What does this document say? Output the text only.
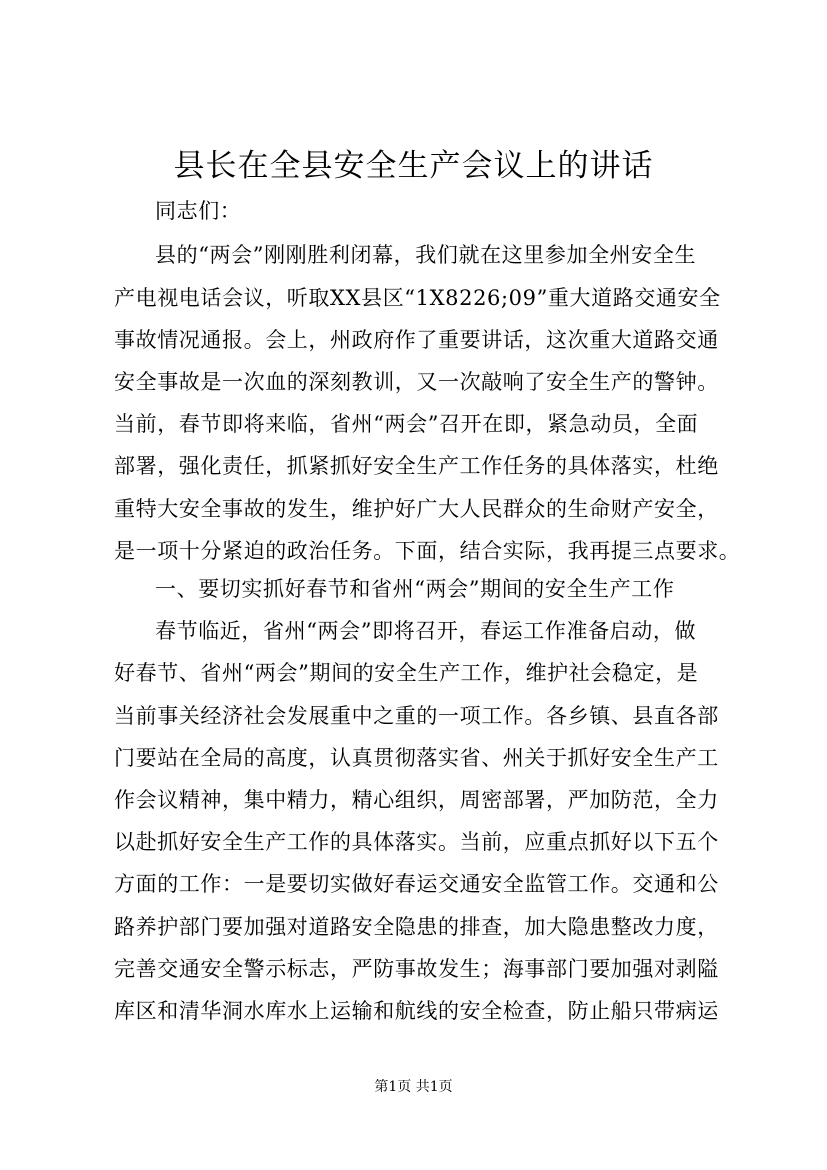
县长在全县安全生产会议上的讲话
同志们：
县的“两会”刚刚胜利闭幕，我们就在这里参加全州安全生
产电视电话会议，听取XX县区“1X8226;09”重大道路交通安全
事故情况通报。会上，州政府作了重要讲话，这次重大道路交通
安全事故是一次血的深刻教训，又一次敲响了安全生产的警钟。
当前，春节即将来临，省州“两会”召开在即，紧急动员，全面
部署，强化责任，抓紧抓好安全生产工作任务的具体落实，杜绝
重特大安全事故的发生，维护好广大人民群众的生命财产安全，
是一项十分紧迫的政治任务。下面，结合实际，我再提三点要求。
一、要切实抓好春节和省州“两会”期间的安全生产工作
春节临近，省州“两会”即将召开，春运工作准备启动，做
好春节、省州“两会”期间的安全生产工作，维护社会稳定，是
当前事关经济社会发展重中之重的一项工作。各乡镇、县直各部
门要站在全局的高度，认真贯彻落实省、州关于抓好安全生产工
作会议精神，集中精力，精心组织，周密部署，严加防范，全力
以赴抓好安全生产工作的具体落实。当前，应重点抓好以下五个
方面的工作：一是要切实做好春运交通安全监管工作。交通和公
路养护部门要加强对道路安全隐患的排查，加大隐患整改力度，
完善交通安全警示标志，严防事故发生；海事部门要加强对剥隘
库区和清华洞水库水上运输和航线的安全检查，防止船只带病运
第1页 共1页
